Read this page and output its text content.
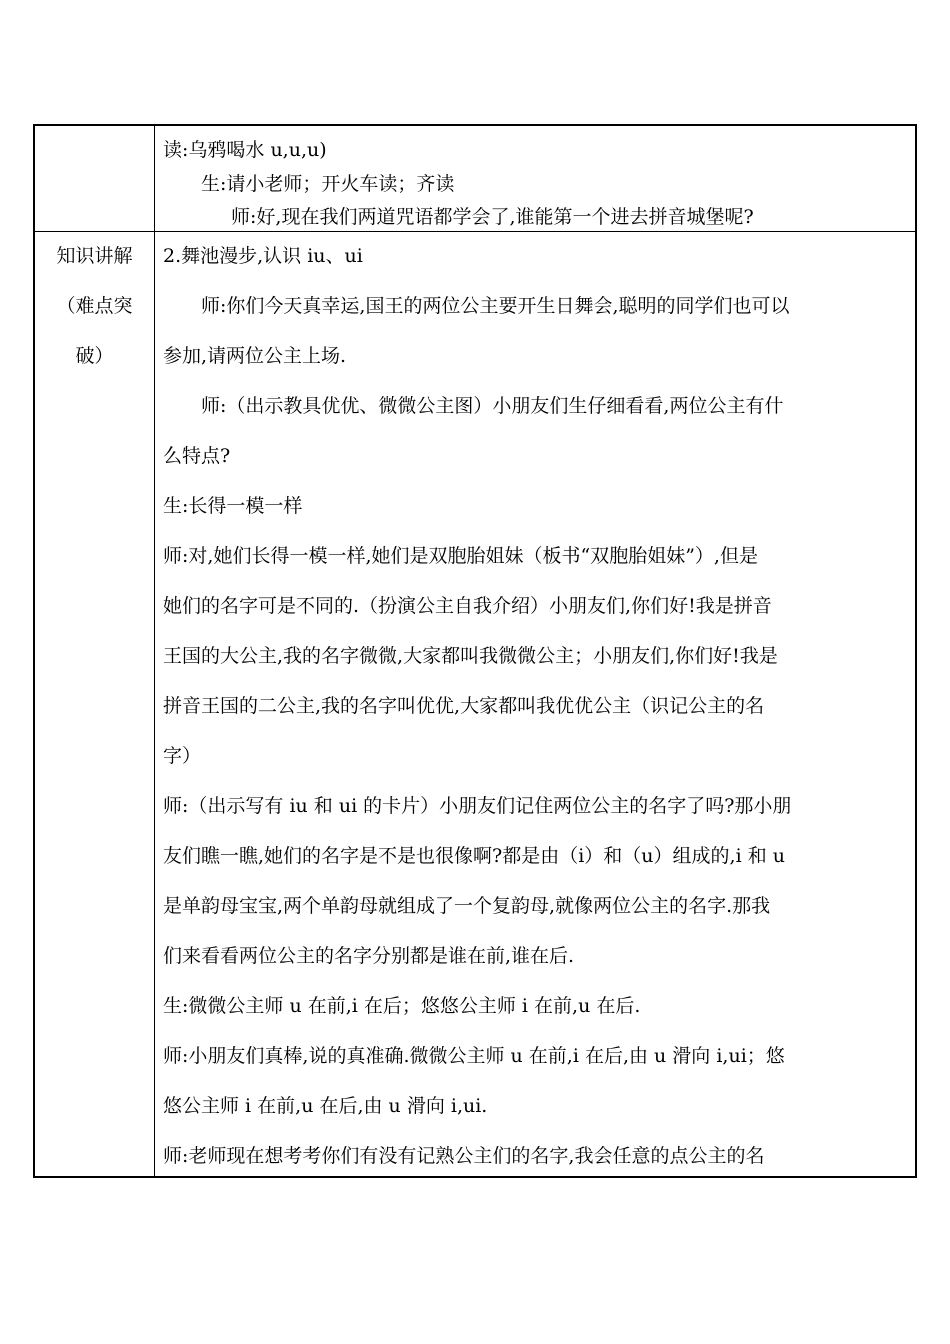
读:乌鸦喝水 u,u,u)
生:请小老师；开火车读；齐读
师:好,现在我们两道咒语都学会了,谁能第一个进去拼音城堡呢?
知识讲解
（难点突
破）
2.舞池漫步,认识 iu、ui
师:你们今天真幸运,国王的两位公主要开生日舞会,聪明的同学们也可以
参加,请两位公主上场.
师:（出示教具优优、微微公主图）小朋友们生仔细看看,两位公主有什
么特点?
生:长得一模一样
师:对,她们长得一模一样,她们是双胞胎姐妹（板书“双胞胎姐妹”）,但是
她们的名字可是不同的.（扮演公主自我介绍）小朋友们,你们好!我是拼音
王国的大公主,我的名字微微,大家都叫我微微公主；小朋友们,你们好!我是
拼音王国的二公主,我的名字叫优优,大家都叫我优优公主（识记公主的名
字）
师:（出示写有 iu 和 ui 的卡片）小朋友们记住两位公主的名字了吗?那小朋
友们瞧一瞧,她们的名字是不是也很像啊?都是由（i）和（u）组成的,i 和 u
是单韵母宝宝,两个单韵母就组成了一个复韵母,就像两位公主的名字.那我
们来看看两位公主的名字分别都是谁在前,谁在后.
生:微微公主师 u 在前,i 在后；悠悠公主师 i 在前,u 在后.
师:小朋友们真棒,说的真准确.微微公主师 u 在前,i 在后,由 u 滑向 i,ui；悠
悠公主师 i 在前,u 在后,由 u 滑向 i,ui.
师:老师现在想考考你们有没有记熟公主们的名字,我会任意的点公主的名
